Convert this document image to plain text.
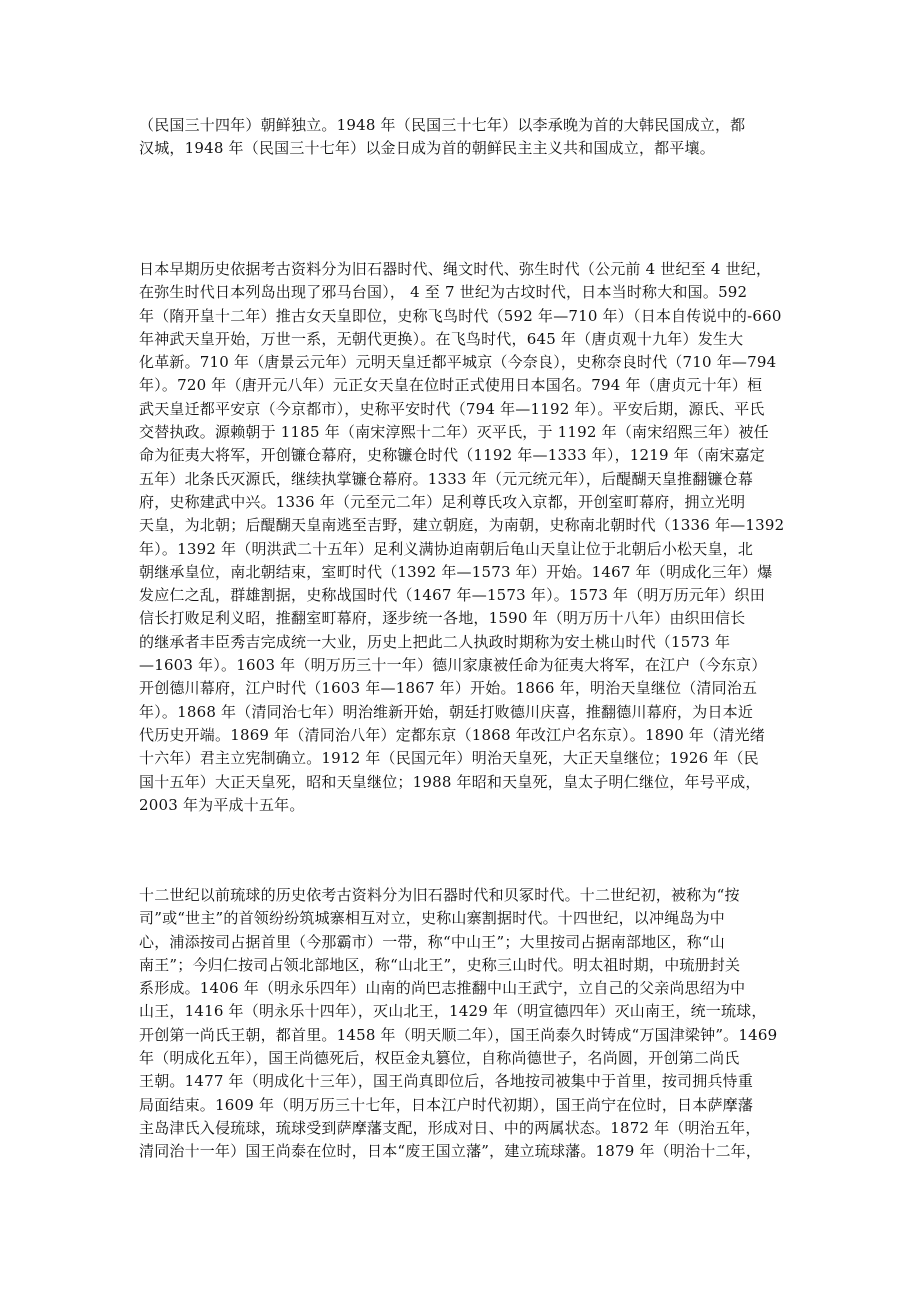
（民国三十四年）朝鲜独立。1948 年（民国三十七年）以李承晚为首的大韩民国成立，都
汉城，1948 年（民国三十七年）以金日成为首的朝鲜民主主义共和国成立，都平壤。
日本早期历史依据考古资料分为旧石器时代、绳文时代、弥生时代（公元前 4 世纪至 4 世纪，
在弥生时代日本列岛出现了邪马台国）， 4 至 7 世纪为古坟时代，日本当时称大和国。592
年（隋开皇十二年）推古女天皇即位，史称飞鸟时代（592 年—710 年）（日本自传说中的-660
年神武天皇开始，万世一系，无朝代更换）。在飞鸟时代，645 年（唐贞观十九年）发生大
化革新。710 年（唐景云元年）元明天皇迁都平城京（今奈良），史称奈良时代（710 年—794
年）。720 年（唐开元八年）元正女天皇在位时正式使用日本国名。794 年（唐贞元十年）桓
武天皇迁都平安京（今京都市），史称平安时代（794 年—1192 年）。平安后期，源氏、平氏
交替执政。源赖朝于 1185 年（南宋淳熙十二年）灭平氏，于 1192 年（南宋绍熙三年）被任
命为征夷大将军，开创镰仓幕府，史称镰仓时代（1192 年—1333 年），1219 年（南宋嘉定
五年）北条氏灭源氏，继续执掌镰仓幕府。1333 年（元元统元年），后醍醐天皇推翻镰仓幕
府，史称建武中兴。1336 年（元至元二年）足利尊氏攻入京都，开创室町幕府，拥立光明
天皇，为北朝；后醍醐天皇南逃至吉野，建立朝庭，为南朝，史称南北朝时代（1336 年—1392
年）。1392 年（明洪武二十五年）足利义满协迫南朝后龟山天皇让位于北朝后小松天皇，北
朝继承皇位，南北朝结束，室町时代（1392 年—1573 年）开始。1467 年（明成化三年）爆
发应仁之乱，群雄割据，史称战国时代（1467 年—1573 年）。1573 年（明万历元年）织田
信长打败足利义昭，推翻室町幕府，逐步统一各地，1590 年（明万历十八年）由织田信长
的继承者丰臣秀吉完成统一大业，历史上把此二人执政时期称为安土桃山时代（1573 年
—1603 年）。1603 年（明万历三十一年）德川家康被任命为征夷大将军，在江户（今东京）
开创德川幕府，江户时代（1603 年—1867 年）开始。1866 年，明治天皇继位（清同治五
年）。1868 年（清同治七年）明治维新开始，朝廷打败德川庆喜，推翻德川幕府，为日本近
代历史开端。1869 年（清同治八年）定都东京（1868 年改江户名东京）。1890 年（清光绪
十六年）君主立宪制确立。1912 年（民国元年）明治天皇死，大正天皇继位；1926 年（民
国十五年）大正天皇死，昭和天皇继位；1988 年昭和天皇死，皇太子明仁继位，年号平成，
2003 年为平成十五年。
十二世纪以前琉球的历史依考古资料分为旧石器时代和贝冢时代。十二世纪初，被称为“按
司”或“世主”的首领纷纷筑城寨相互对立，史称山寨割据时代。十四世纪，以冲绳岛为中
心，浦添按司占据首里（今那霸市）一带，称“中山王”；大里按司占据南部地区，称“山
南王”；今归仁按司占领北部地区，称“山北王”，史称三山时代。明太祖时期，中琉册封关
系形成。1406 年（明永乐四年）山南的尚巴志推翻中山王武宁，立自己的父亲尚思绍为中
山王，1416 年（明永乐十四年），灭山北王，1429 年（明宣德四年）灭山南王，统一琉球，
开创第一尚氏王朝，都首里。1458 年（明天顺二年），国王尚泰久时铸成“万国津梁钟”。1469
年（明成化五年），国王尚德死后，权臣金丸篡位，自称尚德世子，名尚圆，开创第二尚氏
王朝。1477 年（明成化十三年），国王尚真即位后，各地按司被集中于首里，按司拥兵恃重
局面结束。1609 年（明万历三十七年，日本江户时代初期），国王尚宁在位时，日本萨摩藩
主岛津氏入侵琉球，琉球受到萨摩藩支配，形成对日、中的两属状态。1872 年（明治五年，
清同治十一年）国王尚泰在位时，日本“废王国立藩”，建立琉球藩。1879 年（明治十二年，
